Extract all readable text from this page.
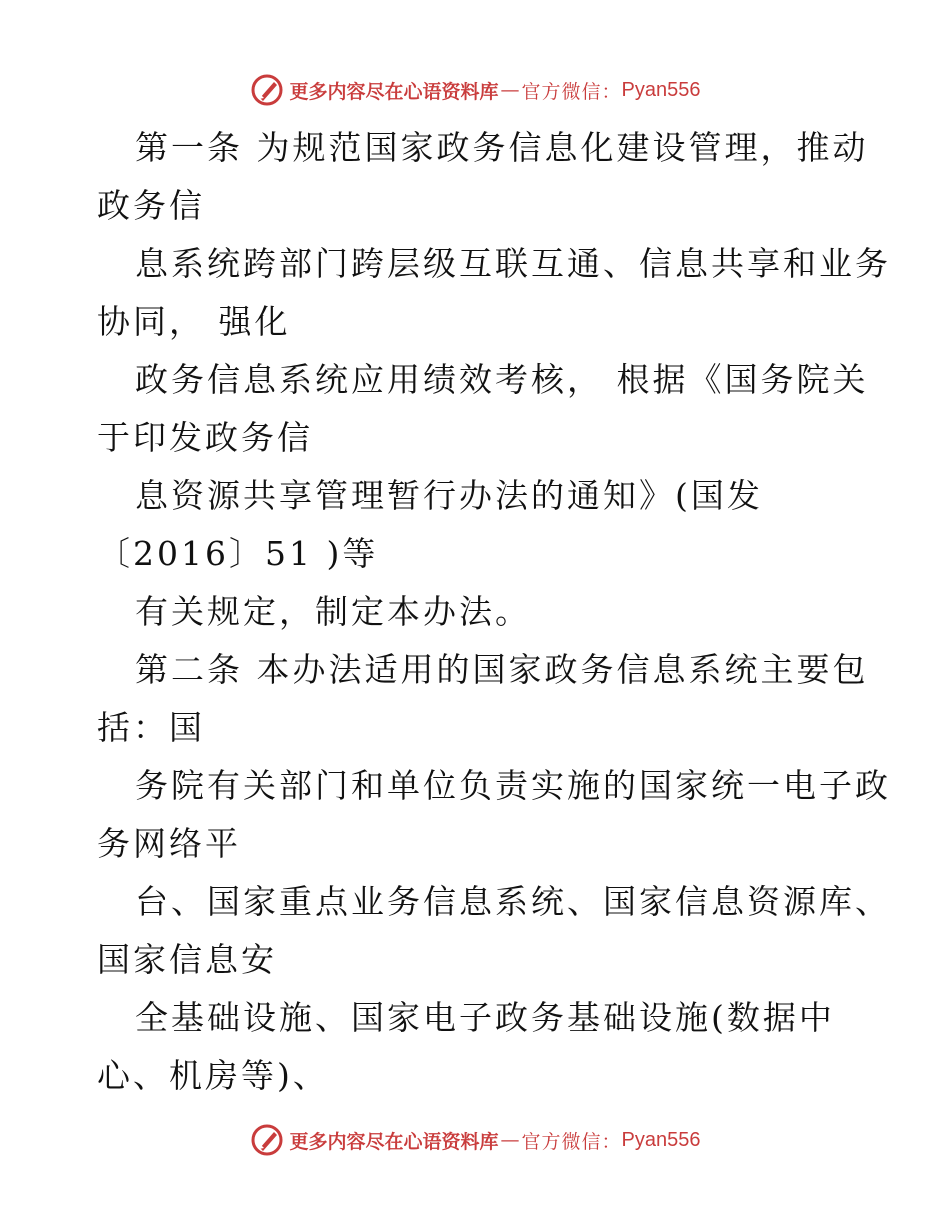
更多内容尽在心语资料库 — 官方微信： Pyan556
第一条 为规范国家政务信息化建设管理，推动
政务信
息系统跨部门跨层级互联互通、信息共享和业务
协同， 强化
政务信息系统应用绩效考核， 根据《国务院关
于印发政务信
息资源共享管理暂行办法的通知》(国发
〔2016〕51 )等
有关规定，制定本办法。
第二条 本办法适用的国家政务信息系统主要包
括：国
务院有关部门和单位负责实施的国家统一电子政
务网络平
台、国家重点业务信息系统、国家信息资源库、
国家信息安
全基础设施、国家电子政务基础设施(数据中
心、机房等)、
更多内容尽在心语资料库 — 官方微信： Pyan556
